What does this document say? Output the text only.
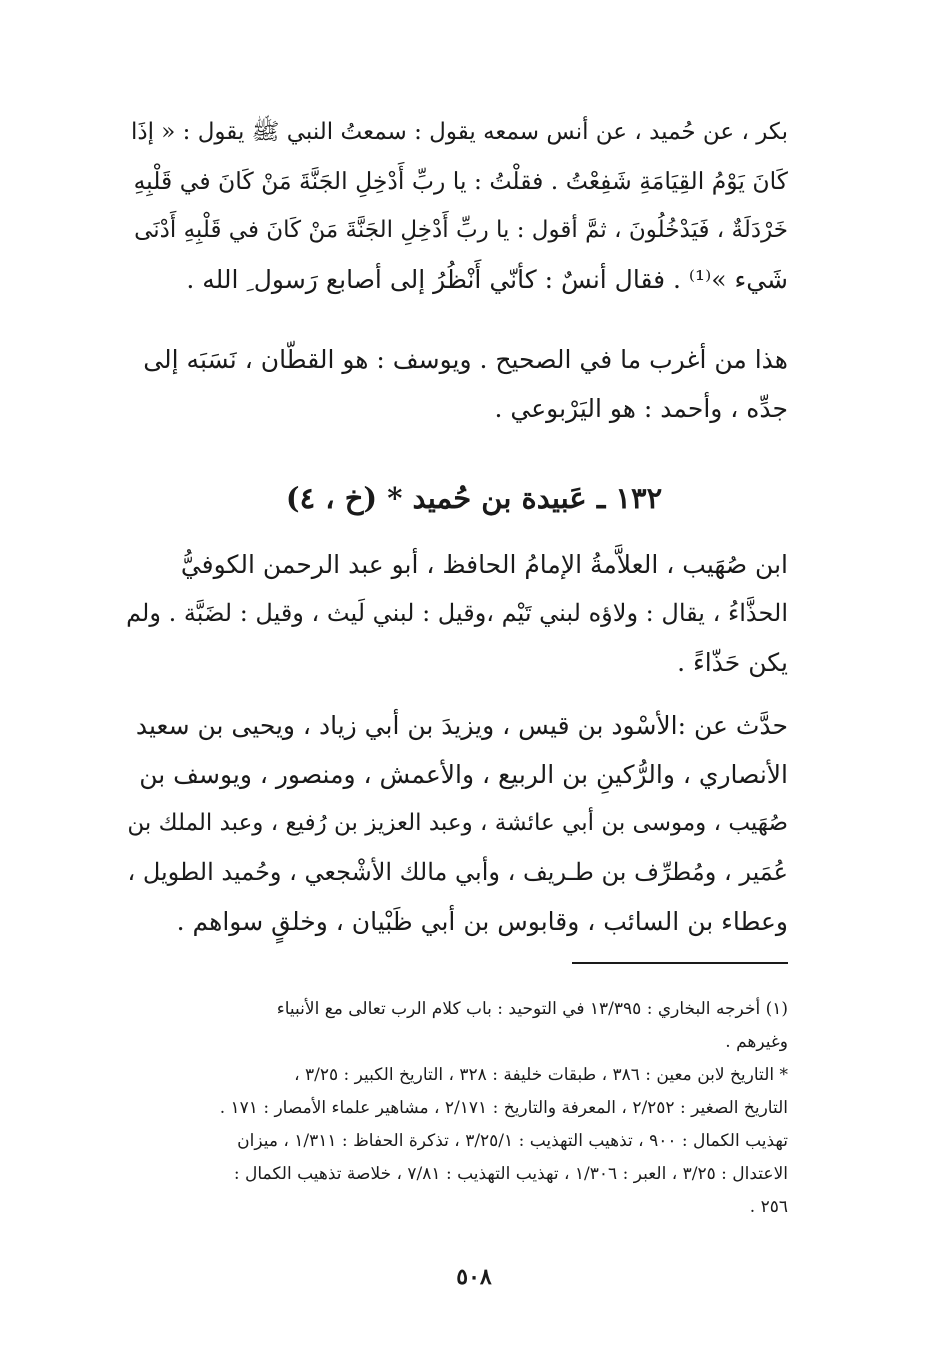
بكر ، عن حُميد ، عن أنس سمعه يقول : سمعتُ النبي ﷺ يقول : « إذَا
كَانَ يَوْمُ القِيَامَةِ شَفِعْتُ . فقلْتُ : يا ربِّ أَدْخِلِ الجَنَّةَ مَنْ كَانَ في قَلْبِهِ
خَرْدَلَةٌ ، فَيَدْخُلُونَ ، ثمَّ أقول : يا ربِّ أَدْخِلِ الجَنَّةَ مَنْ كَانَ في قَلْبِهِ أَدْنَى
شَيء »⁽¹⁾ . فقال أنسٌ : كأنّي أَنْظُرُ إلى أصابع رَسول ِ الله .
هذا من أغرب ما في الصحيح . ويوسف : هو القطّان ، نَسَبَه إلى
جدِّه ، وأحمد : هو اليَرْبوعي .
١٣٢ ـ عَبيدة بن حُميد * (خ ، ٤)
ابن صُهَيب ، العلاَّمةُ الإمامُ الحافظ ، أبو عبد الرحمن الكوفيُّ
الحذَّاءُ ، يقال : ولاؤه لبني تَيْم ،وقيل : لبني لَيث ، وقيل : لضَبَّة . ولم
يكن حَذّاءً .
حدَّث عن :الأسْود بن قيس ، ويزيدَ بن أبي زياد ، ويحيى بن سعيد
الأنصاري ، والرُّكينِ بن الربيع ، والأعمش ، ومنصور ، ويوسف بن
صُهَيب ، وموسى بن أبي عائشة ، وعبد العزيز بن رُفيع ، وعبد الملك بن
عُمَير ، ومُطرِّف بن طـريف ، وأبي مالك الأشْجعي ، وحُميد الطويل ،
وعطاء بن السائب ، وقابوس بن أبي ظَبْيان ، وخلقٍ سواهم .
(١) أخرجه البخاري : ١٣/٣٩٥ في التوحيد : باب كلام الرب تعالى مع الأنبياء
وغيرهم .
* التاريخ لابن معين : ٣٨٦ ، طبقات خليفة : ٣٢٨ ، التاريخ الكبير : ٣/٢٥ ،
التاريخ الصغير : ٢/٢٥٢ ، المعرفة والتاريخ : ٢/١٧١ ، مشاهير علماء الأمصار : ١٧١ .
تهذيب الكمال : ٩٠٠ ، تذهيب التهذيب : ٣/٢٥/١ ، تذكرة الحفاظ : ١/٣١١ ، ميزان
الاعتدال : ٣/٢٥ ، العبر : ١/٣٠٦ ، تهذيب التهذيب : ٧/٨١ ، خلاصة تذهيب الكمال :
٢٥٦ .
٥٠٨
